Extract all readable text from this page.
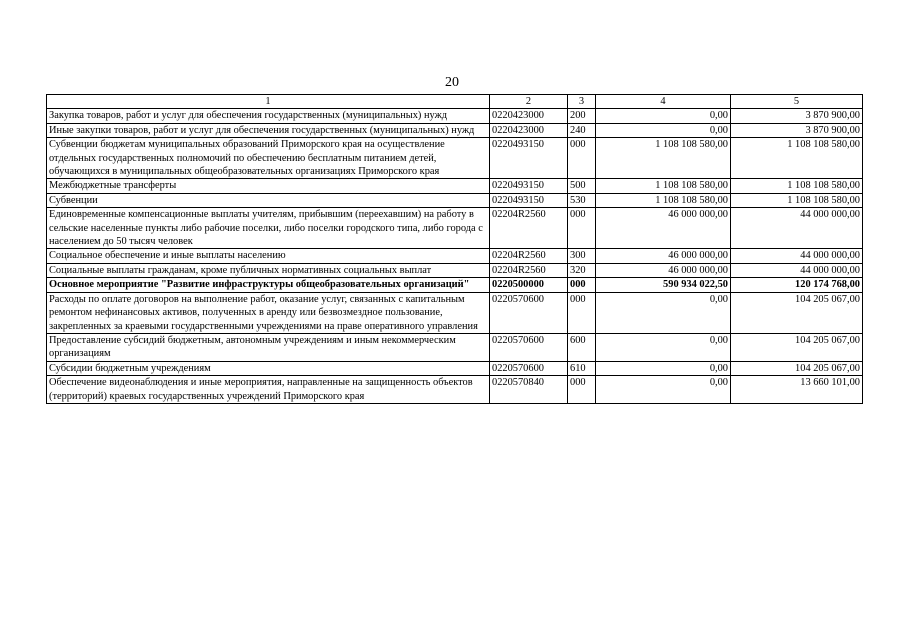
20
1	2	3	4	5
Закупка товаров, работ и услуг для обеспечения государственных (муниципальных) нужд	0220423000	200	0,00	3 870 900,00
Иные закупки товаров, работ и услуг для обеспечения государственных (муниципальных) нужд	0220423000	240	0,00	3 870 900,00
Субвенции бюджетам муниципальных образований Приморского края на осуществление отдельных государственных полномочий по обеспечению бесплатным питанием детей, обучающихся в муниципальных общеобразовательных организациях Приморского края	0220493150	000	1 108 108 580,00	1 108 108 580,00
Межбюджетные трансферты	0220493150	500	1 108 108 580,00	1 108 108 580,00
Субвенции	0220493150	530	1 108 108 580,00	1 108 108 580,00
Единовременные компенсационные выплаты учителям, прибывшим (переехавшим) на работу в сельские населенные пункты либо рабочие поселки, либо поселки городского типа, либо города с населением до 50 тысяч человек	02204R2560	000	46 000 000,00	44 000 000,00
Социальное обеспечение и иные выплаты населению	02204R2560	300	46 000 000,00	44 000 000,00
Социальные выплаты гражданам, кроме публичных нормативных социальных выплат	02204R2560	320	46 000 000,00	44 000 000,00
Основное мероприятие "Развитие инфраструктуры общеобразовательных организаций"	0220500000	000	590 934 022,50	120 174 768,00
Расходы по оплате договоров на выполнение работ, оказание услуг, связанных с капитальным ремонтом нефинансовых активов, полученных в аренду или безвозмездное пользование, закрепленных за краевыми государственными учреждениями на праве оперативного управления	0220570600	000	0,00	104 205 067,00
Предоставление субсидий бюджетным, автономным учреждениям и иным некоммерческим организациям	0220570600	600	0,00	104 205 067,00
Субсидии бюджетным учреждениям	0220570600	610	0,00	104 205 067,00
Обеспечение видеонаблюдения и иные мероприятия, направленные на защищенность объектов (территорий) краевых государственных учреждений Приморского края	0220570840	000	0,00	13 660 101,00
